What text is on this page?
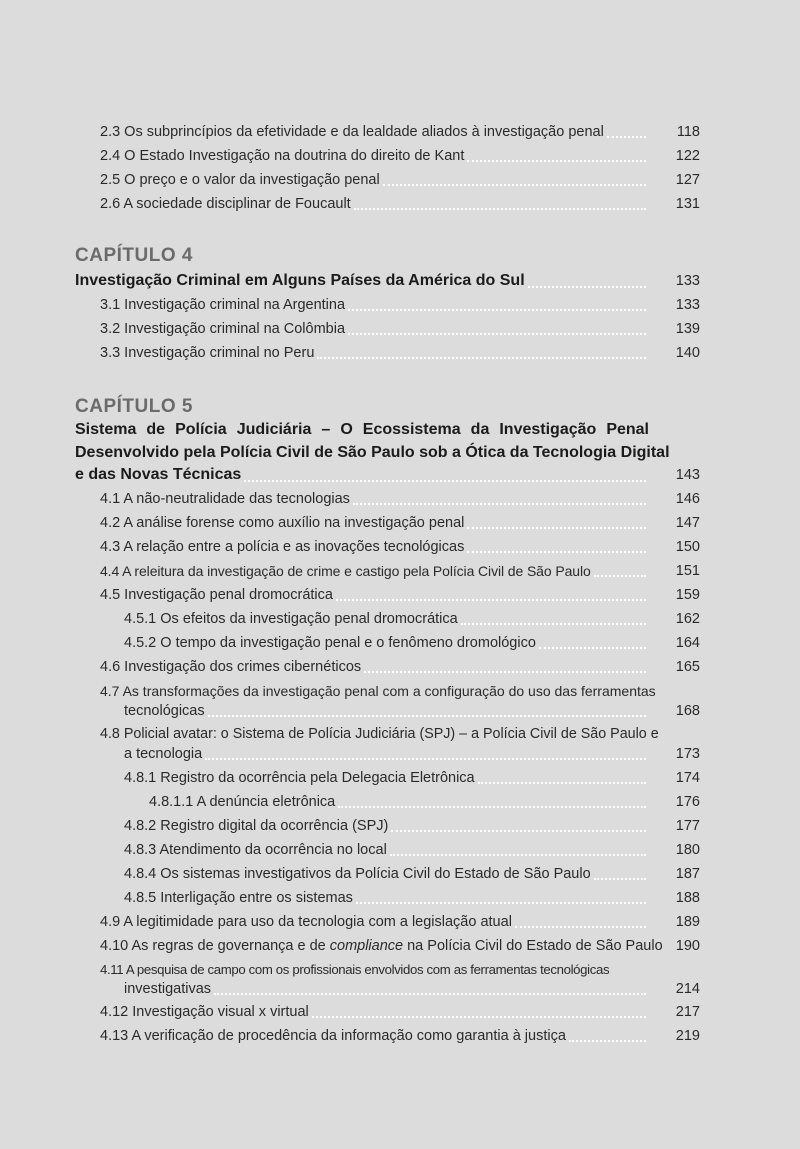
2.3 Os subprincípios da efetividade e da lealdade aliados à investigação penal	118
2.4 O Estado Investigação na doutrina do direito de Kant	122
2.5 O preço e o valor da investigação penal	127
2.6 A sociedade disciplinar de Foucault	131
CAPÍTULO 4
Investigação Criminal em Alguns Países da América do Sul	133
3.1 Investigação criminal na Argentina	133
3.2 Investigação criminal na Colômbia	139
3.3 Investigação criminal no Peru	140
CAPÍTULO 5
Sistema de Polícia Judiciária – O Ecossistema da Investigação Penal
Desenvolvido pela Polícia Civil de São Paulo sob a Ótica da Tecnologia Digital
e das Novas Técnicas	143
4.1 A não-neutralidade das tecnologias	146
4.2 A análise forense como auxílio na investigação penal	147
4.3 A relação entre a polícia e as inovações tecnológicas	150
4.4 A releitura da investigação de crime e castigo pela Polícia Civil de São Paulo	151
4.5 Investigação penal dromocrática	159
4.5.1 Os efeitos da investigação penal dromocrática	162
4.5.2 O tempo da investigação penal e o fenômeno dromológico	164
4.6 Investigação dos crimes cibernéticos	165
4.7 As transformações da investigação penal com a configuração do uso das ferramentas
tecnológicas	168
4.8 Policial avatar: o Sistema de Polícia Judiciária (SPJ) – a Polícia Civil de São Paulo e
a tecnologia	173
4.8.1 Registro da ocorrência pela Delegacia Eletrônica	174
4.8.1.1 A denúncia eletrônica	176
4.8.2 Registro digital da ocorrência (SPJ)	177
4.8.3 Atendimento da ocorrência no local	180
4.8.4 Os sistemas investigativos da Polícia Civil do Estado de São Paulo	187
4.8.5 Interligação entre os sistemas	188
4.9 A legitimidade para uso da tecnologia com a legislação atual	189
4.10 As regras de governança e de compliance na Polícia Civil do Estado de São Paulo 190
4.11 A pesquisa de campo com os profissionais envolvidos com as ferramentas tecnológicas
investigativas	214
4.12 Investigação visual x virtual	217
4.13 A verificação de procedência da informação como garantia à justiça	219
